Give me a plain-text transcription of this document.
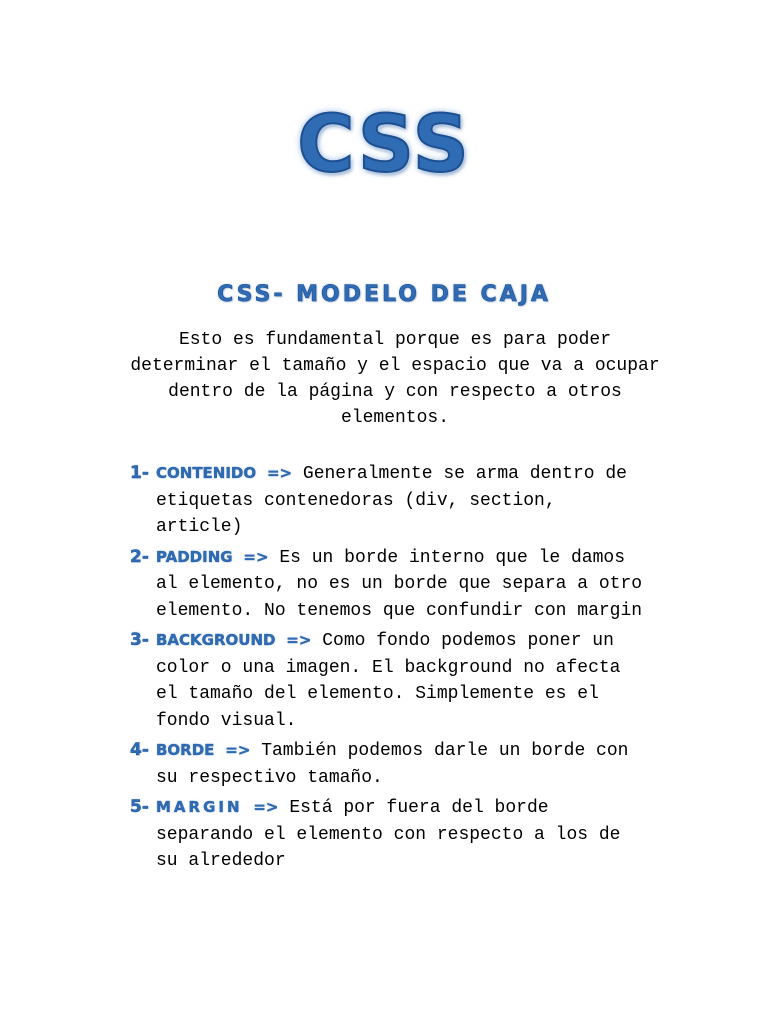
CSS
CSS- MODELO DE CAJA
Esto es fundamental porque es para poder determinar el tamaño y el espacio que va a ocupar dentro de la página y con respecto a otros elementos.
1- CONTENIDO => Generalmente se arma dentro de etiquetas contenedoras (div, section, article)
2- PADDING => Es un borde interno que le damos al elemento, no es un borde que separa a otro elemento. No tenemos que confundir con margin
3- BACKGROUND => Como fondo podemos poner un color o una imagen. El background no afecta el tamaño del elemento. Simplemente es el fondo visual.
4- BORDE => También podemos darle un borde con su respectivo tamaño.
5- MARGIN => Está por fuera del borde separando el elemento con respecto a los de su alrededor
